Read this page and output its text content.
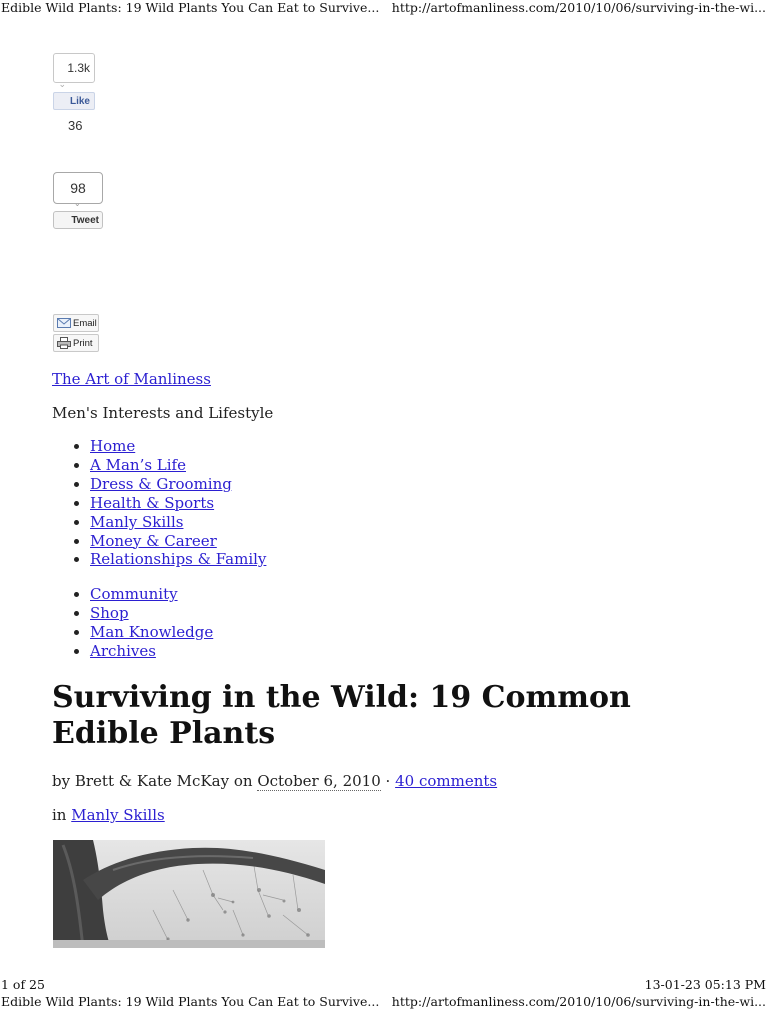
Edible Wild Plants: 19 Wild Plants You Can Eat to Survive... http://artofmanliness.com/2010/10/06/surviving-in-the-wi...
1.3k
⌄
Like
36
98
⌄
Tweet
Email
Print
The Art of Manliness
Men's Interests and Lifestyle
• Home
• A Man’s Life
• Dress & Grooming
• Health & Sports
• Manly Skills
• Money & Career
• Relationships & Family
• Community
• Shop
• Man Knowledge
• Archives
Surviving in the Wild: 19 Common Edible Plants
by Brett & Kate McKay on October 6, 2010 · 40 comments
in Manly Skills
1 of 25	13-01-23 05:13 PM
Edible Wild Plants: 19 Wild Plants You Can Eat to Survive... http://artofmanliness.com/2010/10/06/surviving-in-the-wi...
